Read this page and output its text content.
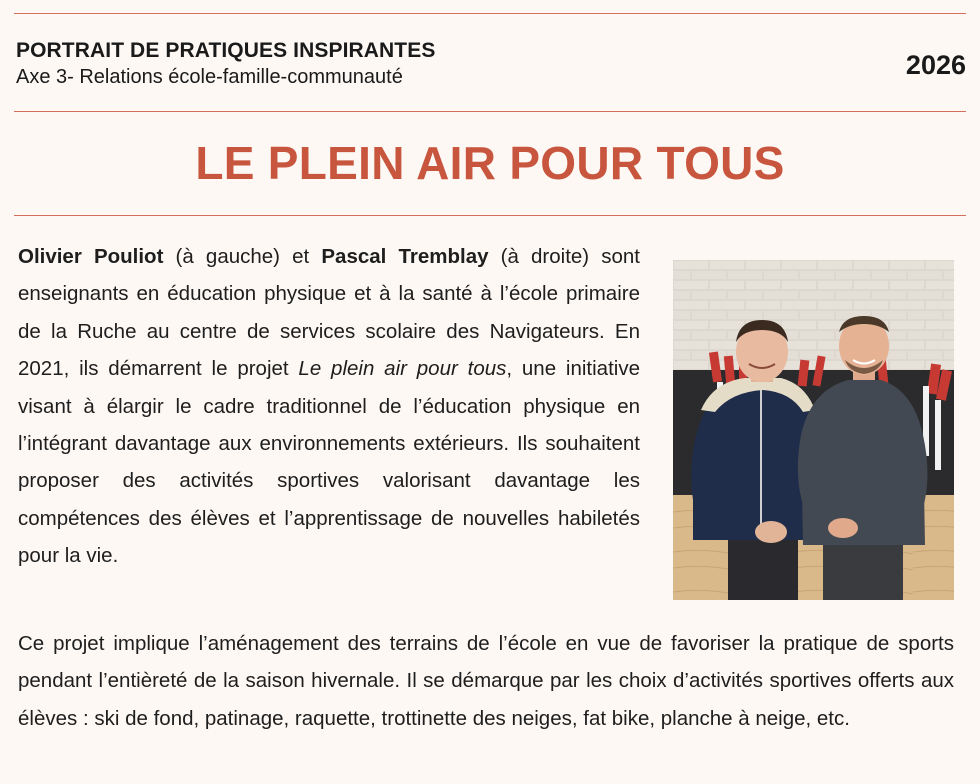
PORTRAIT DE PRATIQUES INSPIRANTES
Axe 3- Relations école-famille-communauté	2026
LE PLEIN AIR POUR TOUS
Olivier Pouliot (à gauche) et Pascal Tremblay (à droite) sont enseignants en éducation physique et à la santé à l’école primaire de la Ruche au centre de services scolaire des Navigateurs. En 2021, ils démarrent le projet Le plein air pour tous, une initiative visant à élargir le cadre traditionnel de l’éducation physique en l’intégrant davantage aux environnements extérieurs. Ils souhaitent proposer des activités sportives valorisant davantage les compétences des élèves et l’apprentissage de nouvelles habiletés pour la vie.
Ce projet implique l’aménagement des terrains de l’école en vue de favoriser la pratique de sports pendant l’entièreté de la saison hivernale. Il se démarque par les choix d’activités sportives offerts aux élèves : ski de fond, patinage, raquette, trottinette des neiges, fat bike, planche à neige, etc.
